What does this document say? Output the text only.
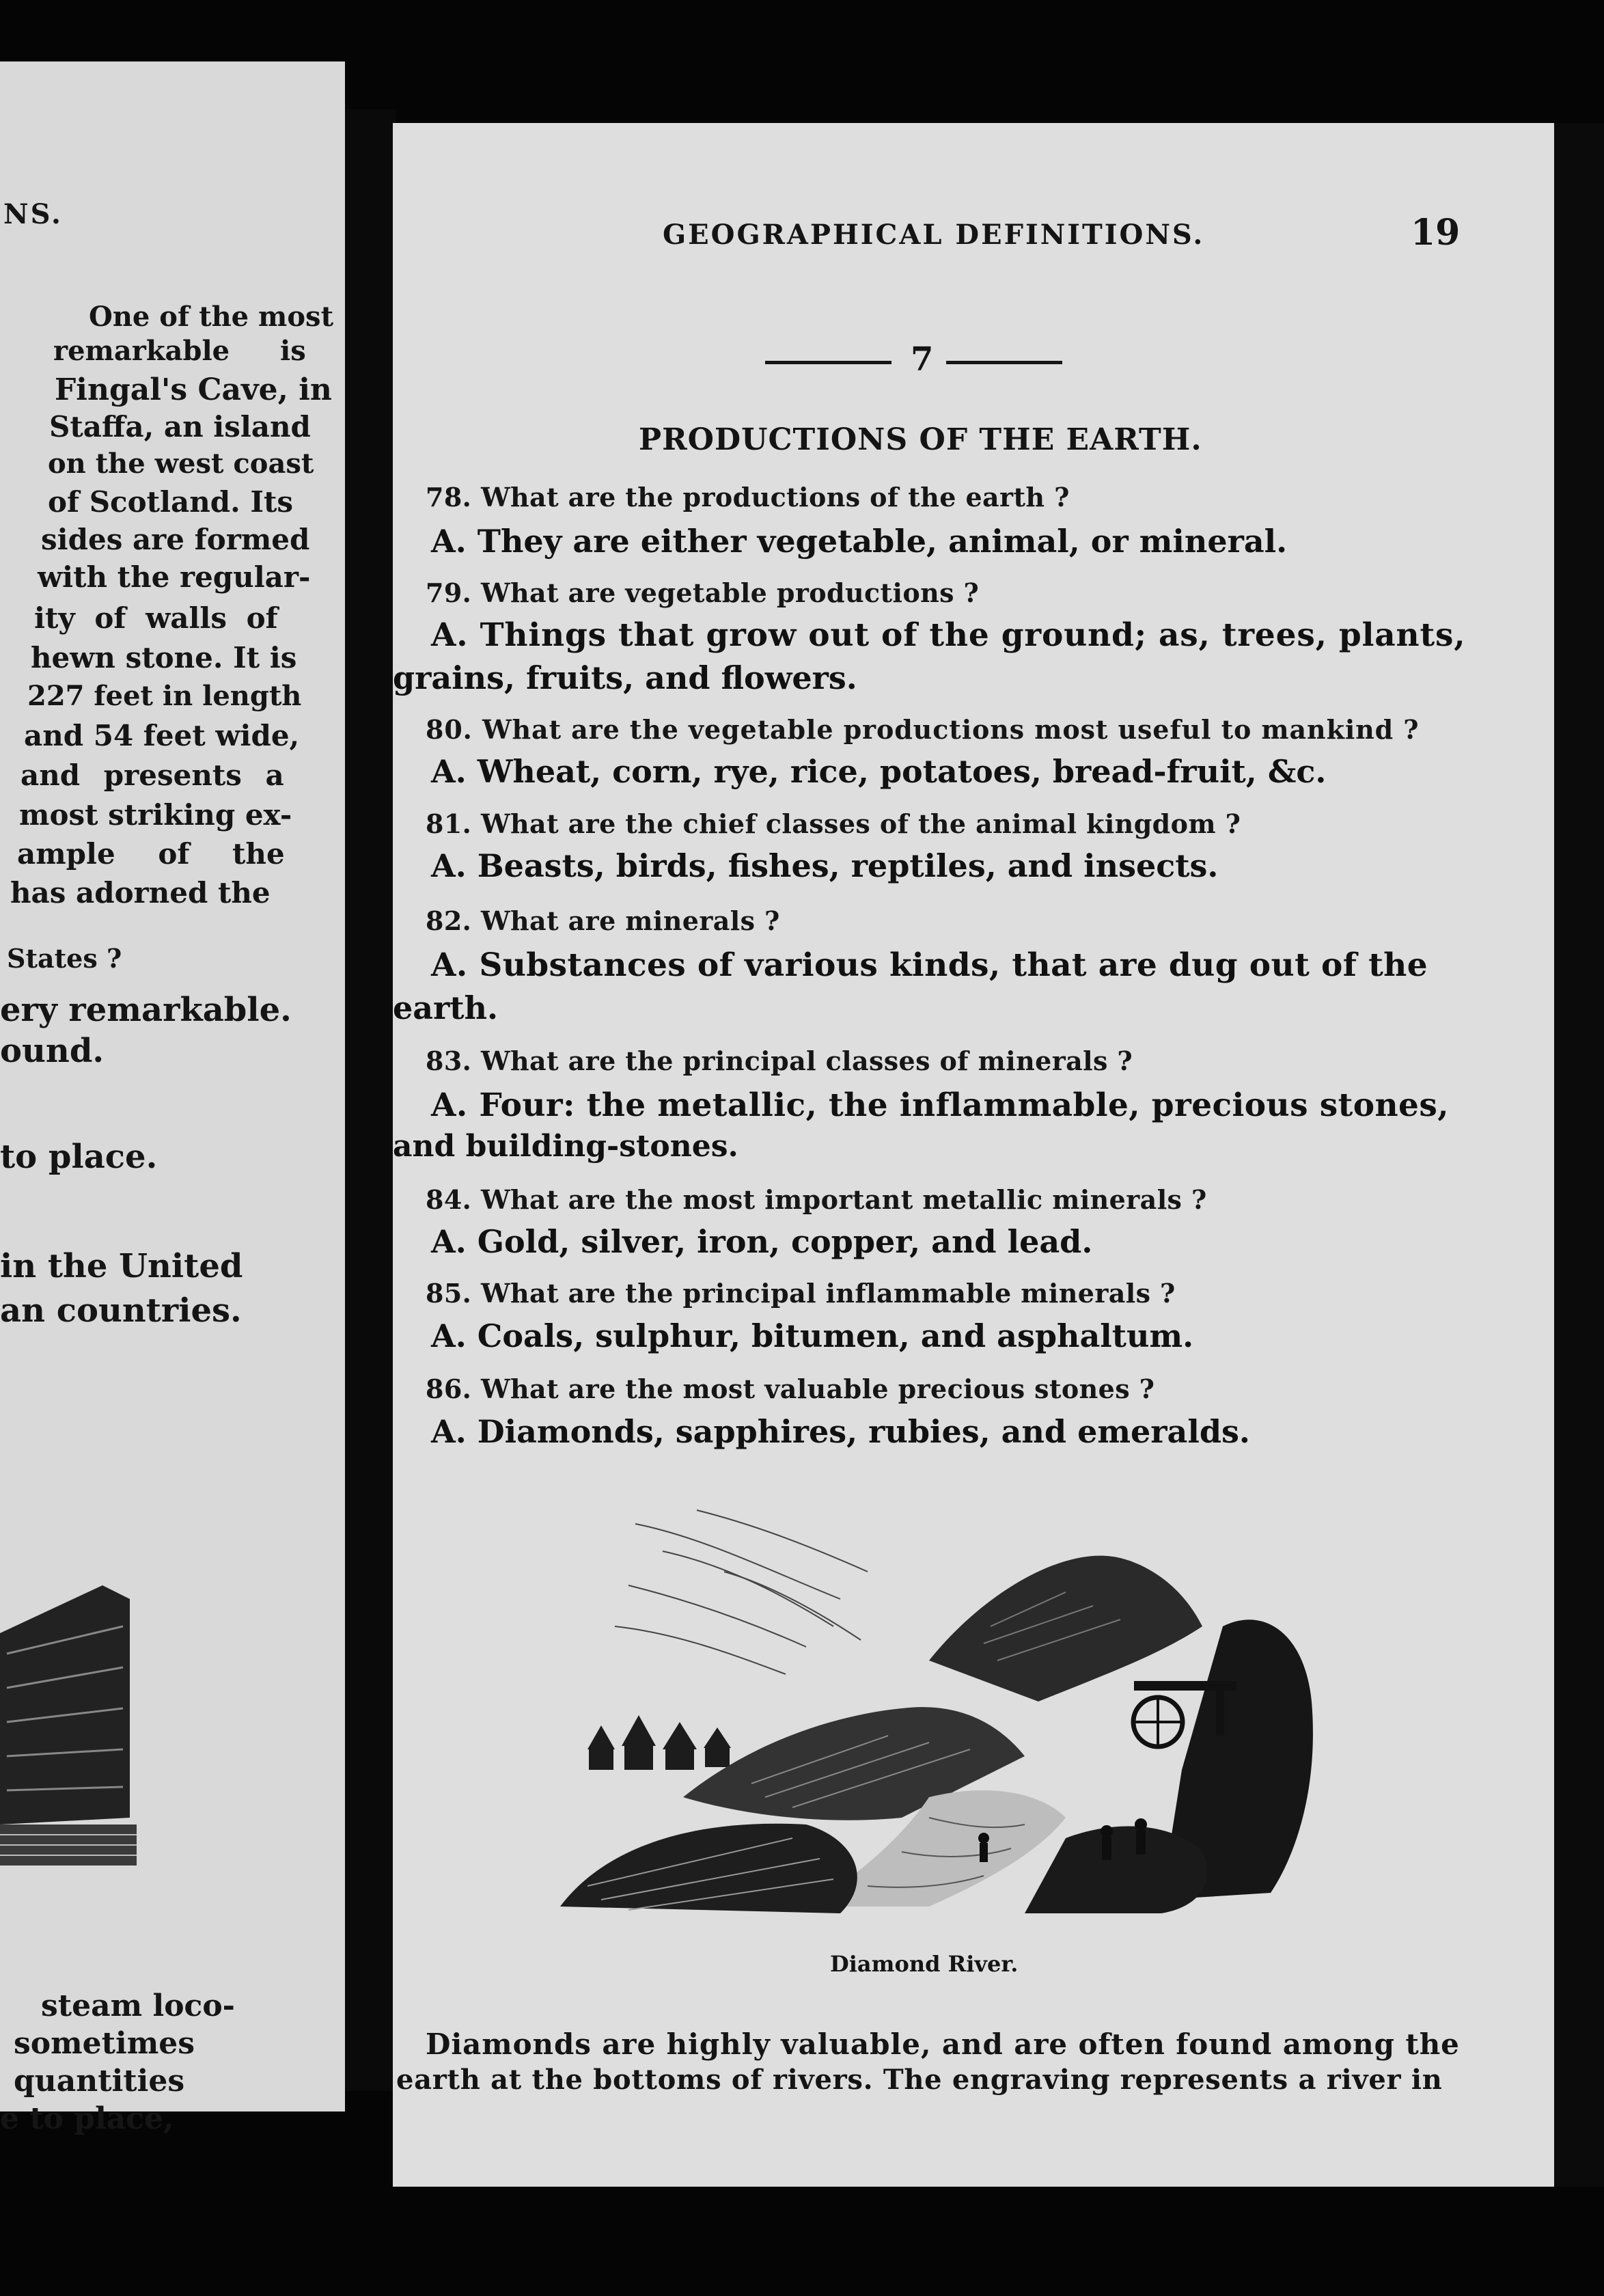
NS.
One of the most
remarkable is
Fingal's Cave, in
Staffa, an island
on the west coast
of Scotland. Its
sides are formed
with the regular-
ity of walls of
hewn stone. It is
227 feet in length
and 54 feet wide,
and presents a
most striking ex-
ample of the
has adorned the
States ?
ery remarkable.
ound.
to place.
in the United
an countries.
steam loco-
sometimes
quantities
e to place,
GEOGRAPHICAL DEFINITIONS.	19
7
PRODUCTIONS OF THE EARTH.
78. What are the productions of the earth ?
A. They are either vegetable, animal, or mineral.
79. What are vegetable productions ?
A. Things that grow out of the ground; as, trees, plants,
grains, fruits, and flowers.
80. What are the vegetable productions most useful to mankind ?
A. Wheat, corn, rye, rice, potatoes, bread-fruit, &c.
81. What are the chief classes of the animal kingdom ?
A. Beasts, birds, fishes, reptiles, and insects.
82. What are minerals ?
A. Substances of various kinds, that are dug out of the
earth.
83. What are the principal classes of minerals ?
A. Four: the metallic, the inflammable, precious stones,
and building-stones.
84. What are the most important metallic minerals ?
A. Gold, silver, iron, copper, and lead.
85. What are the principal inflammable minerals ?
A. Coals, sulphur, bitumen, and asphaltum.
86. What are the most valuable precious stones ?
A. Diamonds, sapphires, rubies, and emeralds.
Diamond River.
Diamonds are highly valuable, and are often found among the
earth at the bottoms of rivers. The engraving represents a river in
